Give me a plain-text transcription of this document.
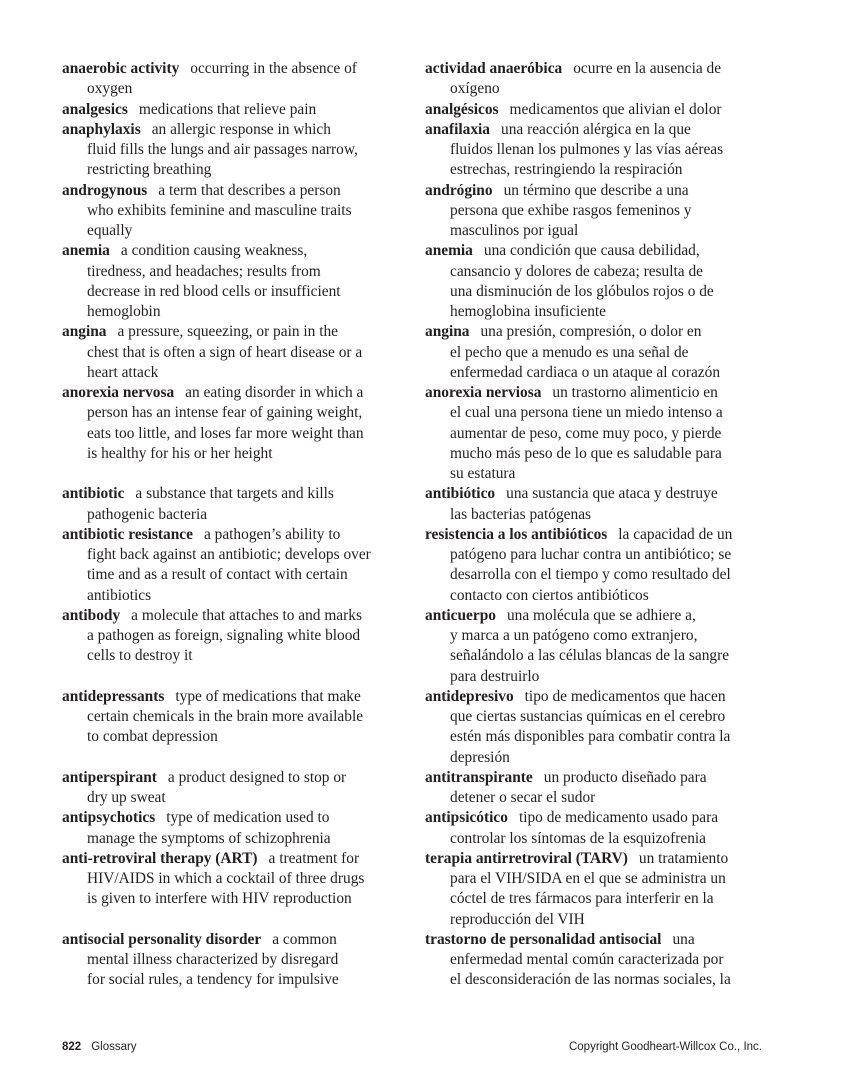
anaerobic activity occurring in the absence of
oxygen
analgesics medications that relieve pain
anaphylaxis an allergic response in which
fluid fills the lungs and air passages narrow,
restricting breathing
androgynous a term that describes a person
who exhibits feminine and masculine traits
equally
anemia a condition causing weakness,
tiredness, and headaches; results from
decrease in red blood cells or insufficient
hemoglobin
angina a pressure, squeezing, or pain in the
chest that is often a sign of heart disease or a
heart attack
anorexia nervosa an eating disorder in which a
person has an intense fear of gaining weight,
eats too little, and loses far more weight than
is healthy for his or her height
antibiotic a substance that targets and kills
pathogenic bacteria
antibiotic resistance a pathogen’s ability to
fight back against an antibiotic; develops over
time and as a result of contact with certain
antibiotics
antibody a molecule that attaches to and marks
a pathogen as foreign, signaling white blood
cells to destroy it
antidepressants type of medications that make
certain chemicals in the brain more available
to combat depression
antiperspirant a product designed to stop or
dry up sweat
antipsychotics type of medication used to
manage the symptoms of schizophrenia
anti-retroviral therapy (ART) a treatment for
HIV/AIDS in which a cocktail of three drugs
is given to interfere with HIV reproduction
antisocial personality disorder a common
mental illness characterized by disregard
for social rules, a tendency for impulsive
actividad anaeróbica ocurre en la ausencia de
oxígeno
analgésicos medicamentos que alivian el dolor
anafilaxia una reacción alérgica en la que
fluidos llenan los pulmones y las vías aéreas
estrechas, restringiendo la respiración
andrógino un término que describe a una
persona que exhibe rasgos femeninos y
masculinos por igual
anemia una condición que causa debilidad,
cansancio y dolores de cabeza; resulta de
una disminución de los glóbulos rojos o de
hemoglobina insuficiente
angina una presión, compresión, o dolor en
el pecho que a menudo es una señal de
enfermedad cardiaca o un ataque al corazón
anorexia nerviosa un trastorno alimenticio en
el cual una persona tiene un miedo intenso a
aumentar de peso, come muy poco, y pierde
mucho más peso de lo que es saludable para
su estatura
antibiótico una sustancia que ataca y destruye
las bacterias patógenas
resistencia a los antibióticos la capacidad de un
patógeno para luchar contra un antibiótico; se
desarrolla con el tiempo y como resultado del
contacto con ciertos antibióticos
anticuerpo una molécula que se adhiere a,
y marca a un patógeno como extranjero,
señalándolo a las células blancas de la sangre
para destruirlo
antidepresivo tipo de medicamentos que hacen
que ciertas sustancias químicas en el cerebro
estén más disponibles para combatir contra la
depresión
antitranspirante un producto diseñado para
detener o secar el sudor
antipsicótico tipo de medicamento usado para
controlar los síntomas de la esquizofrenia
terapia antirretroviral (TARV) un tratamiento
para el VIH/SIDA en el que se administra un
cóctel de tres fármacos para interferir en la
reproducción del VIH
trastorno de personalidad antisocial una
enfermedad mental común caracterizada por
el desconsideración de las normas sociales, la
822 Glossary	Copyright Goodheart-Willcox Co., Inc.
